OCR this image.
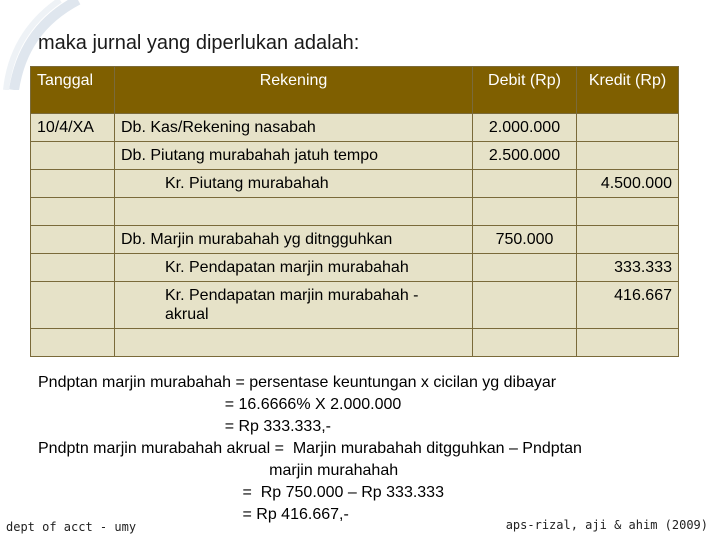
maka jurnal yang diperlukan adalah:
Tanggal	Rekening	Debit (Rp)	Kredit (Rp)
10/4/XA	Db. Kas/Rekening nasabah	2.000.000	
	Db. Piutang murabahah jatuh tempo	2.500.000	
	Kr. Piutang murabahah		4.500.000

	Db. Marjin murabahah yg ditngguhkan	750.000	
	Kr. Pendapatan marjin murabahah		333.333
	Kr. Pendapatan marjin murabahah - akrual		416.667

Pndptan marjin murabahah = persentase keuntungan x cicilan yg dibayar
= 16.6666% X 2.000.000
= Rp 333.333,-
Pndptn marjin murabahah akrual =  Marjin murabahah ditgguhkan – Pndptan
marjin murahahah
=  Rp 750.000 – Rp 333.333
= Rp 416.667,-
dept of acct - umy	aps-rizal, aji & ahim (2009)
